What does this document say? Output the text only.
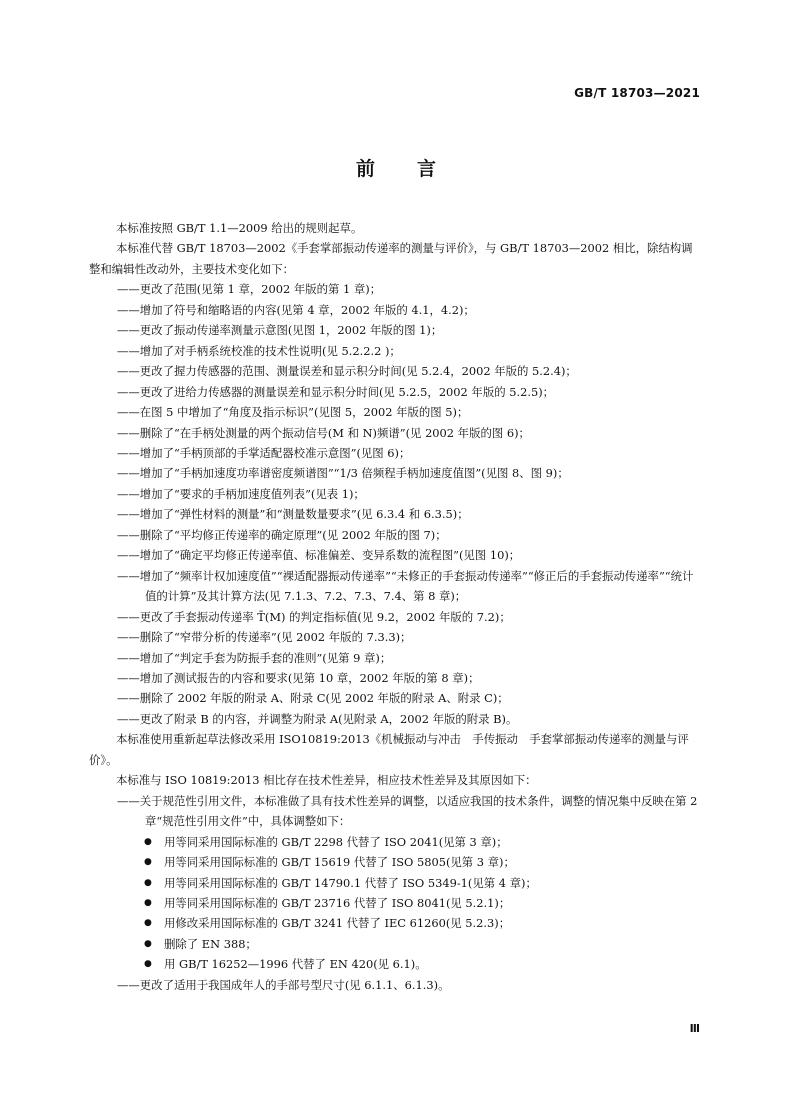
GB/T 18703—2021
前言

本标准按照 GB/T 1.1—2009 给出的规则起草。

本标准代替 GB/T 18703—2002《手套掌部振动传递率的测量与评价》，与 GB/T 18703—2002 相比，除结构调整和编辑性改动外，主要技术变化如下：

——更改了范围(见第 1 章，2002 年版的第 1 章)；

——增加了符号和缩略语的内容(见第 4 章，2002 年版的 4.1，4.2)；

——更改了振动传递率测量示意图(见图 1，2002 年版的图 1)；

——增加了对手柄系统校准的技术性说明(见 5.2.2.2 )；

——更改了握力传感器的范围、测量误差和显示积分时间(见 5.2.4，2002 年版的 5.2.4)；

——更改了进给力传感器的测量误差和显示积分时间(见 5.2.5，2002 年版的 5.2.5)；

——在图 5 中增加了“角度及指示标识”(见图 5，2002 年版的图 5)；

——删除了“在手柄处测量的两个振动信号(M 和 N)频谱”(见 2002 年版的图 6)；

——增加了“手柄顶部的手掌适配器校准示意图”(见图 6)；

——增加了“手柄加速度功率谱密度频谱图”“1/3 倍频程手柄加速度值图”(见图 8、图 9)；

——增加了“要求的手柄加速度值列表”(见表 1)；

——增加了“弹性材料的测量”和“测量数量要求”(见 6.3.4 和 6.3.5)；

——删除了“平均修正传递率的确定原理”(见 2002 年版的图 7)；

——增加了“确定平均修正传递率值、标准偏差、变异系数的流程图”(见图 10)；

——增加了“频率计权加速度值”“裸适配器振动传递率”“未修正的手套振动传递率”“修正后的手套振动传递率”“统计值的计算”及其计算方法(见 7.1.3、7.2、7.3、7.4、第 8 章)；

——更改了手套振动传递率 T̄(M) 的判定指标值(见 9.2，2002 年版的 7.2)；

——删除了“窄带分析的传递率”(见 2002 年版的 7.3.3)；

——增加了“判定手套为防振手套的准则”(见第 9 章)；

——增加了测试报告的内容和要求(见第 10 章，2002 年版的第 8 章)；

——删除了 2002 年版的附录 A、附录 C(见 2002 年版的附录 A、附录 C)；

——更改了附录 B 的内容，并调整为附录 A(见附录 A，2002 年版的附录 B)。

本标准使用重新起草法修改采用 ISO10819:2013《机械振动与冲击　手传振动　手套掌部振动传递率的测量与评价》。

本标准与 ISO 10819:2013 相比存在技术性差异，相应技术性差异及其原因如下：

——关于规范性引用文件，本标准做了具有技术性差异的调整，以适应我国的技术条件，调整的情况集中反映在第 2 章“规范性引用文件”中，具体调整如下：

● 用等同采用国际标准的 GB/T 2298 代替了 ISO 2041(见第 3 章)；

● 用等同采用国际标准的 GB/T 15619 代替了 ISO 5805(见第 3 章)；

● 用等同采用国际标准的 GB/T 14790.1 代替了 ISO 5349-1(见第 4 章)；

● 用等同采用国际标准的 GB/T 23716 代替了 ISO 8041(见 5.2.1)；

● 用修改采用国际标准的 GB/T 3241 代替了 IEC 61260(见 5.2.3)；

● 删除了 EN 388；

● 用 GB/T 16252—1996 代替了 EN 420(见 6.1)。

——更改了适用于我国成年人的手部号型尺寸(见 6.1.1、6.1.3)。

Ⅲ
